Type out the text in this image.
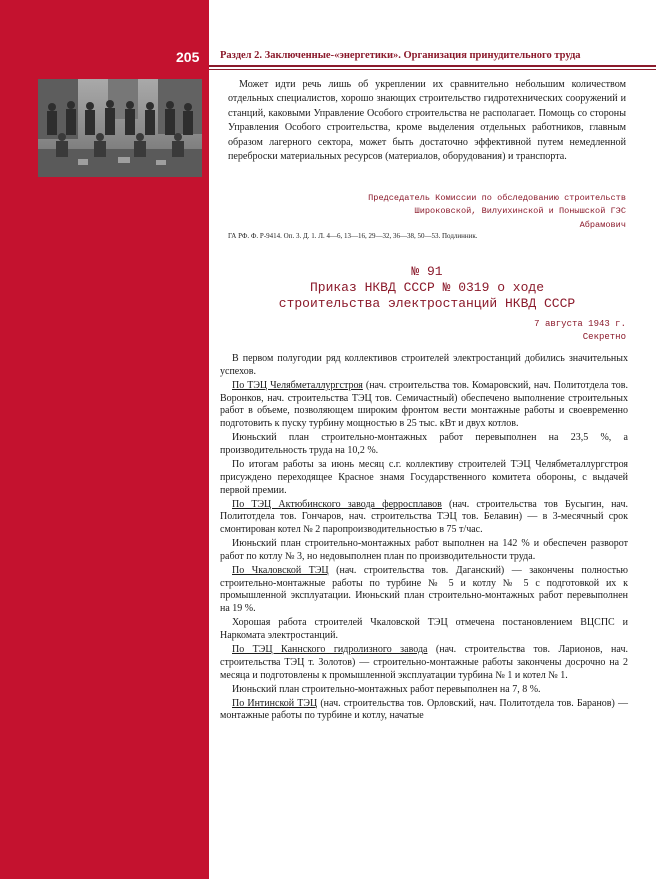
205 Раздел 2. Заключенные-«энергетики». Организация принудительного труда

Может идти речь лишь об укреплении их сравнительно небольшим количеством отдельных специалистов, хорошо знающих строительство гидротехнических сооружений и станций, каковыми Управление Особого строительства не располагает. Помощь со стороны Управления Особого строительства, кроме выделения отдельных работников, главным образом лагерного сектора, может быть достаточно эффективной путем немедленной переброски материальных ресурсов (материалов, оборудования) и транспорта.

Председатель Комиссии по обследованию строительств
Широковской, Вилуихинской и Понышской ГЭС
Абрамович
ГА РФ. Ф. Р-9414. Оп. 3. Д. 1. Л. 4—6, 13—16, 29—32, 36—38, 50—53. Подлинник.
№ 91
Приказ НКВД СССР № 0319 о ходе
строительства электростанций НКВД СССР
7 августа 1943 г.
Секретно

В первом полугодии ряд коллективов строителей электростанций добились значительных успехов.

По ТЭЦ Челябметаллургстроя (нач. строительства тов. Комаровский, нач. Политотдела тов. Воронков, нач. строительства ТЭЦ тов. Семичастный) обеспечено выполнение строительных работ в объеме, позволяющем широким фронтом вести монтажные работы и своевременно подготовить к пуску турбину мощностью в 25 тыс. кВт и двух котлов.

Июньский план строительно-монтажных работ перевыполнен на 23,5 %, а производительность труда на 10,2 %.

По итогам работы за июнь месяц с.г. коллективу строителей ТЭЦ Челябметаллургстроя присуждено переходящее Красное знамя Государственного комитета обороны, с выдачей первой премии.

По ТЭЦ Актюбинского завода ферросплавов (нач. строительства тов Бусыгин, нач. Политотдела тов. Гончаров, нач. строительства ТЭЦ тов. Белавин) — в 3-месячный срок смонтирован котел № 2 паропроизводительностью в 75 т/час.

Июньский план строительно-монтажных работ выполнен на 142 % и обеспечен разворот работ по котлу № 3, но недовыполнен план по производительности труда.

По Чкаловской ТЭЦ (нач. строительства тов. Даганский) — закончены полностью строительно-монтажные работы по турбине № 5 и котлу № 5 с подготовкой их к промышленной эксплуатации. Июньский план строительно-монтажных работ перевыполнен на 19 %.

Хорошая работа строителей Чкаловской ТЭЦ отмечена постановлением ВЦСПС и Наркомата электростанций.

По ТЭЦ Каннского гидролизного завода (нач. строительства тов. Ларионов, нач. строительства ТЭЦ т. Золотов) — строительно-монтажные работы закончены досрочно на 2 месяца и подготовлены к промышленной эксплуатации турбина № 1 и котел № 1.

Июньский план строительно-монтажных работ перевыполнен на 7, 8 %.

По Интинской ТЭЦ (нач. строительства тов. Орловский, нач. Политотдела тов. Баранов) — монтажные работы по турбине и котлу, начатые
